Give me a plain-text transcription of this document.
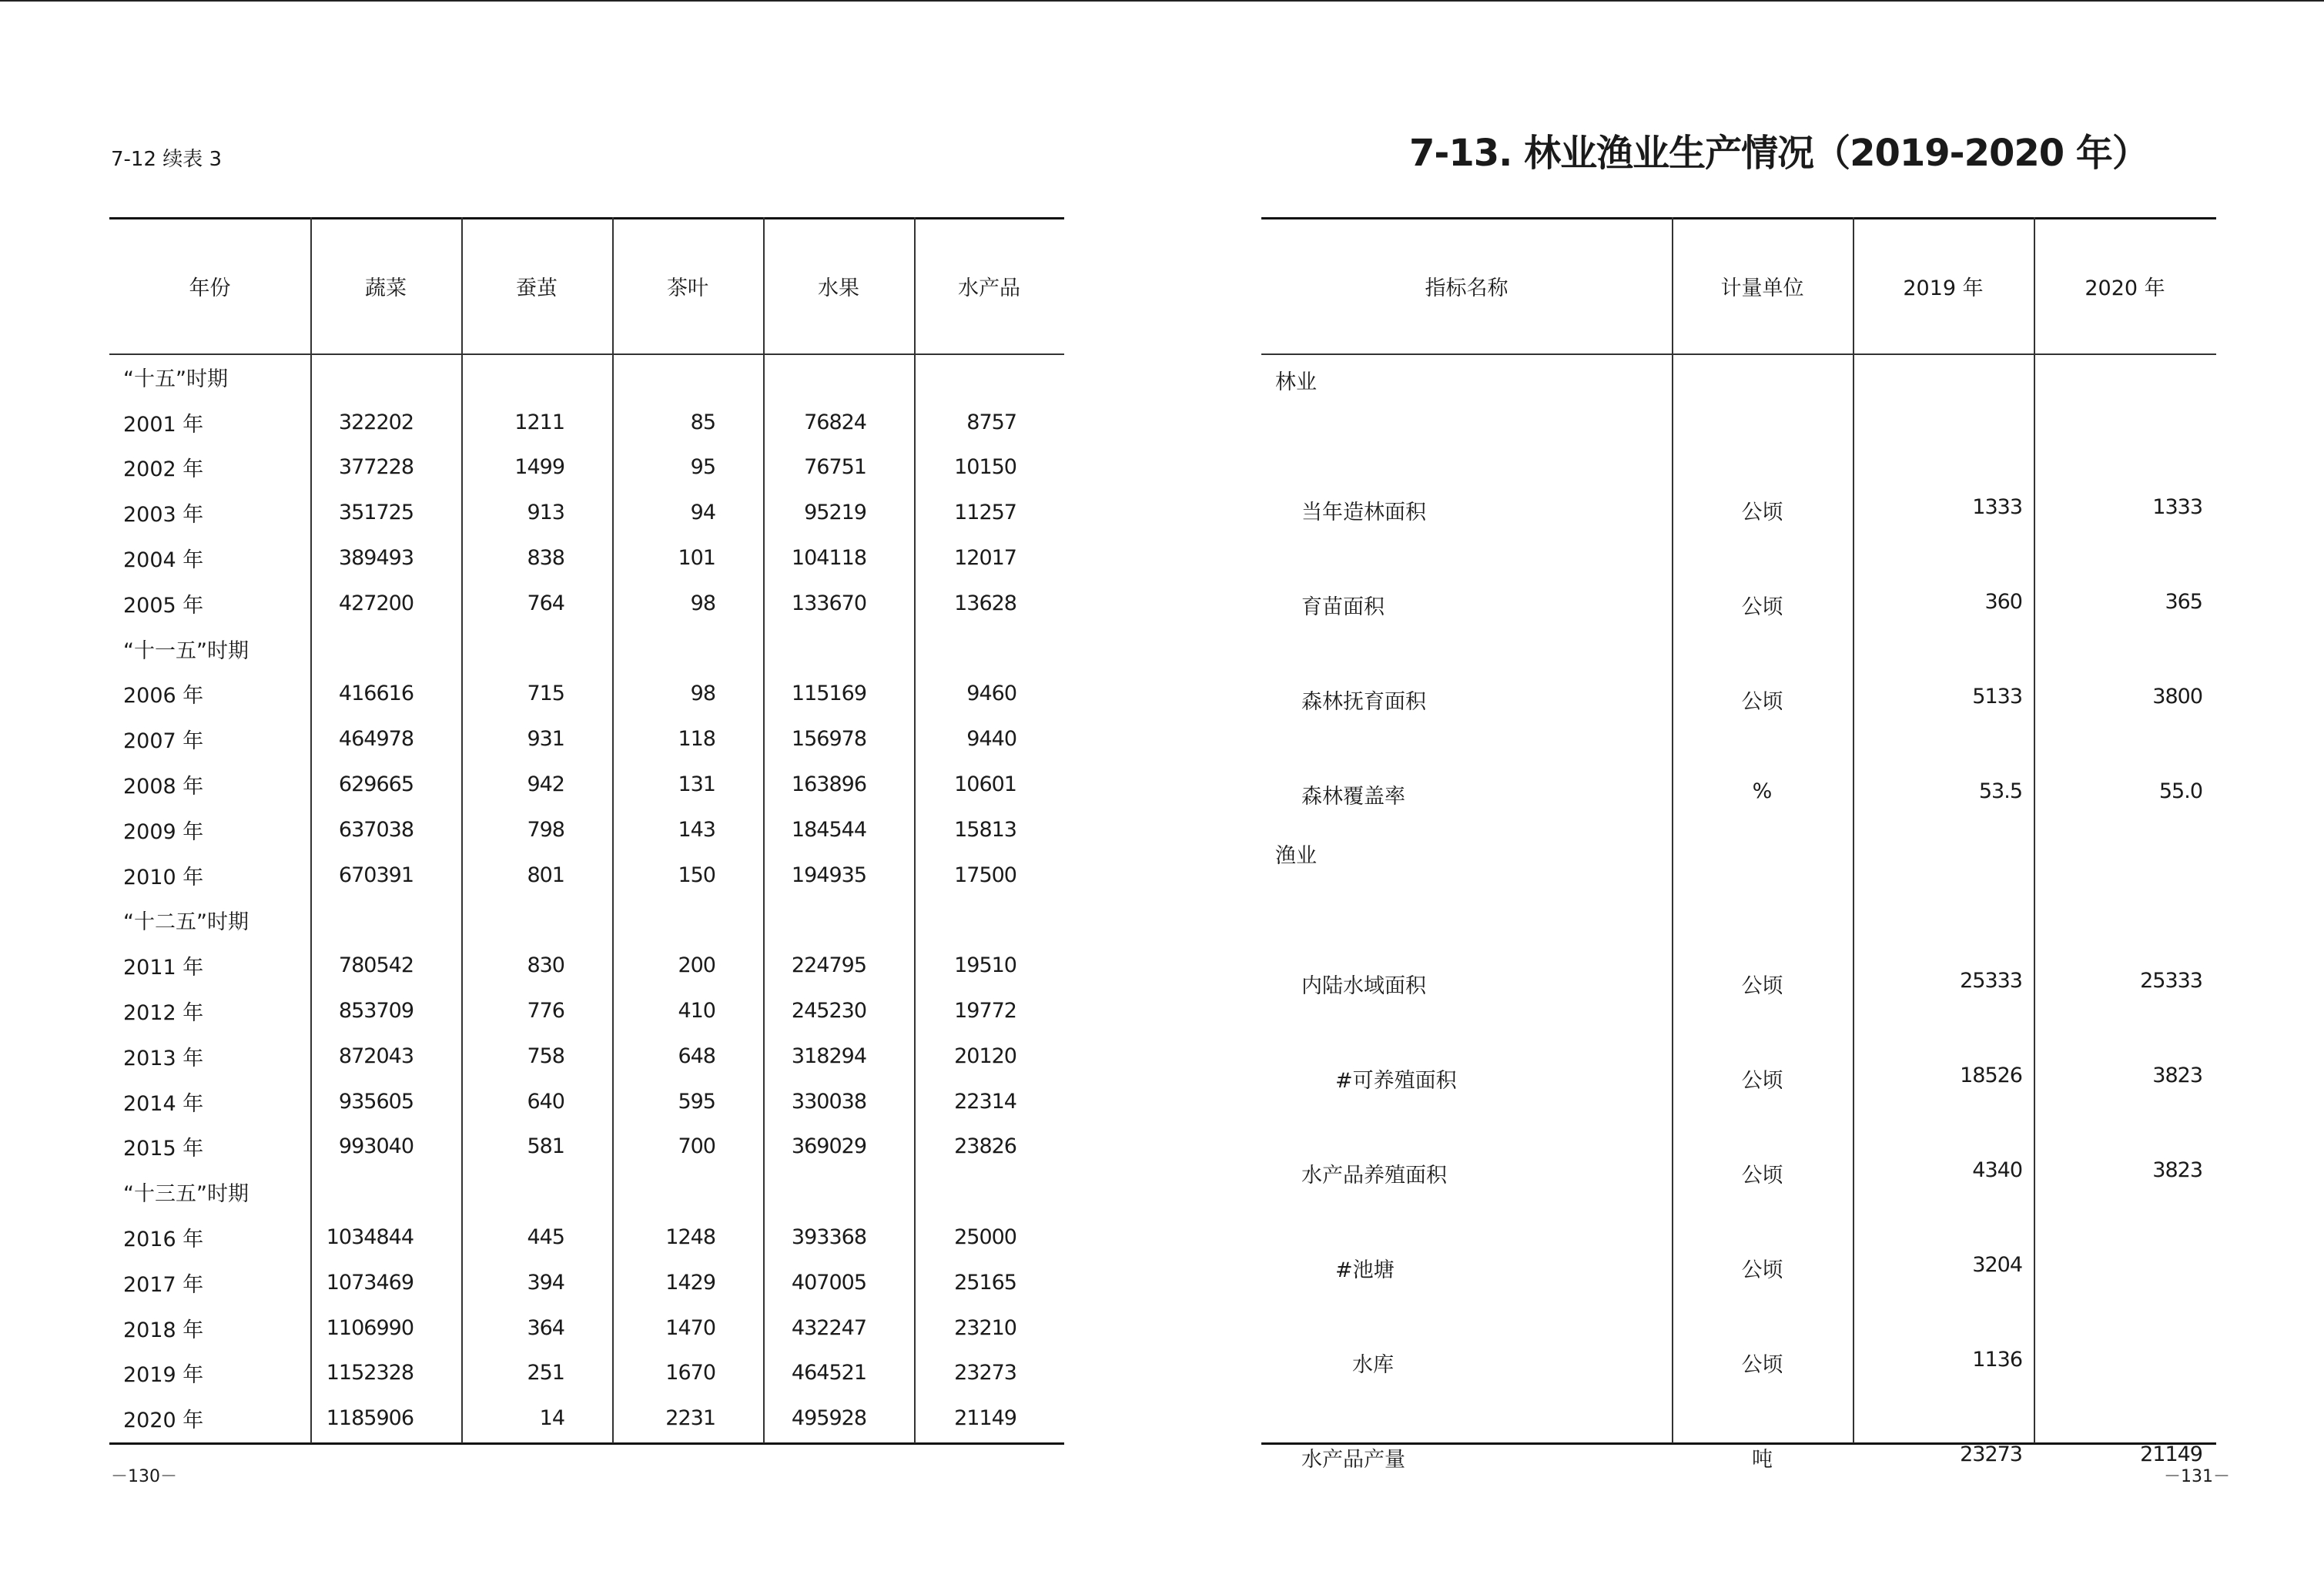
7-12 续表 3
年份	蔬菜	蚕茧	茶叶	水果	水产品
“十五”时期
2001 年	322202	1211	85	76824	8757
2002 年	377228	1499	95	76751	10150
2003 年	351725	913	94	95219	11257
2004 年	389493	838	101	104118	12017
2005 年	427200	764	98	133670	13628
“十一五”时期
2006 年	416616	715	98	115169	9460
2007 年	464978	931	118	156978	9440
2008 年	629665	942	131	163896	10601
2009 年	637038	798	143	184544	15813
2010 年	670391	801	150	194935	17500
“十二五”时期
2011 年	780542	830	200	224795	19510
2012 年	853709	776	410	245230	19772
2013 年	872043	758	648	318294	20120
2014 年	935605	640	595	330038	22314
2015 年	993040	581	700	369029	23826
“十三五”时期
2016 年	1034844	445	1248	393368	25000
2017 年	1073469	394	1429	407005	25165
2018 年	1106990	364	1470	432247	23210
2019 年	1152328	251	1670	464521	23273
2020 年	1185906	14	2231	495928	21149
－130－
7-13. 林业渔业生产情况（2019-2020 年）
指标名称	计量单位	2019 年	2020 年
林业
当年造林面积	公顷	1333	1333
育苗面积	公顷	360	365
森林抚育面积	公顷	5133	3800
森林覆盖率	%	53.5	55.0
渔业
内陆水域面积	公顷	25333	25333
#可养殖面积	公顷	18526	3823
水产品养殖面积	公顷	4340	3823
#池塘	公顷	3204
水库	公顷	1136
水产品产量	吨	23273	21149
－131－
